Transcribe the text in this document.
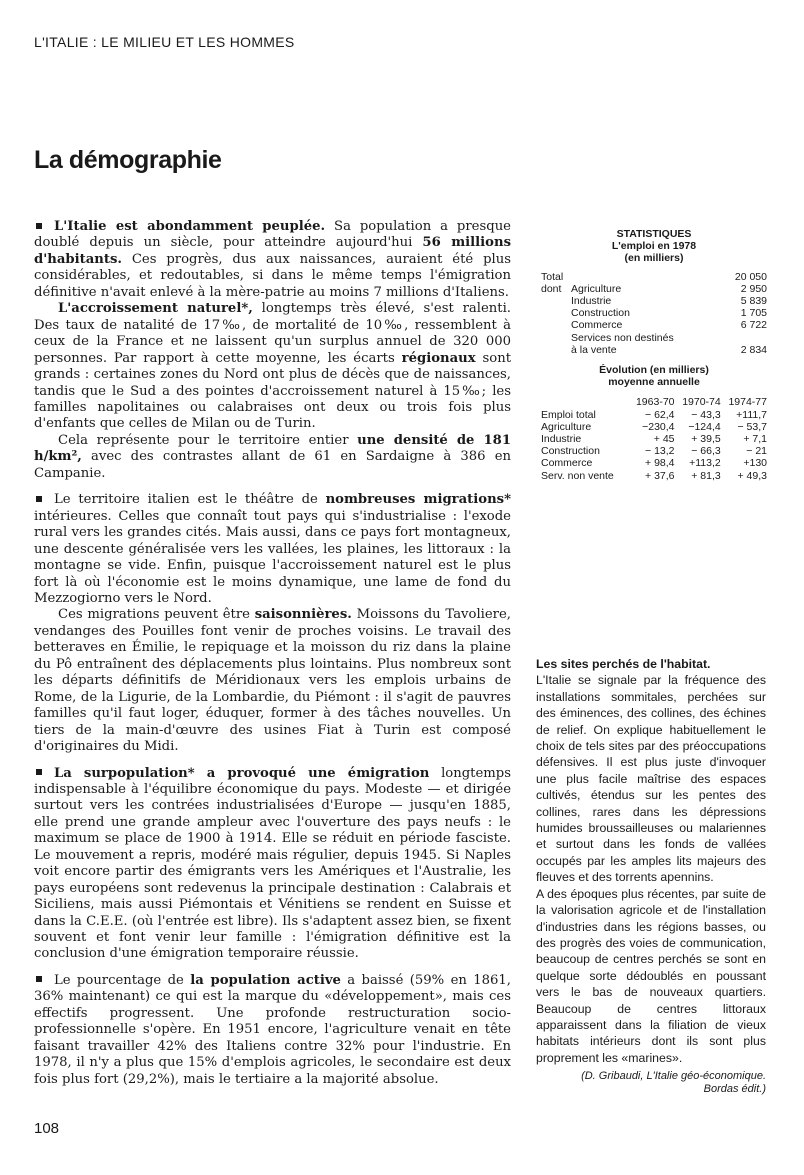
L'ITALIE : LE MILIEU ET LES HOMMES
La démographie

L'Italie est abondamment peuplée. Sa population a presque doublé depuis un siècle, pour atteindre aujourd'hui 56 millions d'habitants. Ces progrès, dus aux naissances, auraient été plus considérables, et redoutables, si dans le même temps l'émigration définitive n'avait enlevé à la mère-patrie au moins 7 millions d'Italiens.

L'accroissement naturel*, longtemps très élevé, s'est ralenti. Des taux de natalité de 17‰, de mortalité de 10‰, ressemblent à ceux de la France et ne laissent qu'un surplus annuel de 320 000 personnes. Par rapport à cette moyenne, les écarts régionaux sont grands : certaines zones du Nord ont plus de décès que de naissances, tandis que le Sud a des pointes d'accroissement naturel à 15‰; les familles napolitaines ou calabraises ont deux ou trois fois plus d'enfants que celles de Milan ou de Turin.

Cela représente pour le territoire entier une densité de 181 h/km², avec des contrastes allant de 61 en Sardaigne à 386 en Campanie.

Le territoire italien est le théâtre de nombreuses migrations* intérieures. Celles que connaît tout pays qui s'industrialise : l'exode rural vers les grandes cités. Mais aussi, dans ce pays fort montagneux, une descente généralisée vers les vallées, les plaines, les littoraux : la montagne se vide. Enfin, puisque l'accroissement naturel est le plus fort là où l'économie est le moins dynamique, une lame de fond du Mezzogiorno vers le Nord.

Ces migrations peuvent être saisonnières. Moissons du Tavoliere, vendanges des Pouilles font venir de proches voisins. Le travail des betteraves en Émilie, le repiquage et la moisson du riz dans la plaine du Pô entraînent des déplacements plus lointains. Plus nombreux sont les départs définitifs de Méridionaux vers les emplois urbains de Rome, de la Ligurie, de la Lombardie, du Piémont : il s'agit de pauvres familles qu'il faut loger, éduquer, former à des tâches nouvelles. Un tiers de la main-d'œuvre des usines Fiat à Turin est composé d'originaires du Midi.

La surpopulation* a provoqué une émigration longtemps indispensable à l'équilibre économique du pays. Modeste — et dirigée surtout vers les contrées industrialisées d'Europe — jusqu'en 1885, elle prend une grande ampleur avec l'ouverture des pays neufs : le maximum se place de 1900 à 1914. Elle se réduit en période fasciste. Le mouvement a repris, modéré mais régulier, depuis 1945. Si Naples voit encore partir des émigrants vers les Amériques et l'Australie, les pays européens sont redevenus la principale destination : Calabrais et Siciliens, mais aussi Piémontais et Vénitiens se rendent en Suisse et dans la C.E.E. (où l'entrée est libre). Ils s'adaptent assez bien, se fixent souvent et font venir leur famille : l'émigration définitive est la conclusion d'une émigration temporaire réussie.

Le pourcentage de la population active a baissé (59% en 1861, 36% maintenant) ce qui est la marque du «développement», mais ces effectifs progressent. Une profonde restructuration socio-professionnelle s'opère. En 1951 encore, l'agriculture venait en tête faisant travailler 42% des Italiens contre 32% pour l'industrie. En 1978, il n'y a plus que 15% d'emplois agricoles, le secondaire est deux fois plus fort (29,2%), mais le tertiaire a la majorité absolue.

108
STATISTIQUES
L'emploi en 1978
(en milliers)
Total		20 050
dont	Agriculture	2 950
	Industrie	5 839
	Construction	1 705
	Commerce	6 722
	Services non destinés	
	à la vente	2 834
Évolution (en milliers)
moyenne annuelle
	1963-70	1970-74	1974-77
Emploi total	− 62,4	− 43,3	+111,7
Agriculture	−230,4	−124,4	− 53,7
Industrie	+ 45	+ 39,5	+ 7,1
Construction	− 13,2	− 66,3	− 21
Commerce	+ 98,4	+113,2	+130
Serv. non vente	+ 37,6	+ 81,3	+ 49,3

Les sites perchés de l'habitat.

L'Italie se signale par la fréquence des installations sommitales, perchées sur des éminences, des collines, des échines de relief. On explique habituellement le choix de tels sites par des préoccupations défensives. Il est plus juste d'invoquer une plus facile maîtrise des espaces cultivés, étendus sur les pentes des collines, rares dans les dépressions humides broussailleuses ou malariennes et surtout dans les fonds de vallées occupés par les amples lits majeurs des fleuves et des torrents apennins.

A des époques plus récentes, par suite de la valorisation agricole et de l'installation d'industries dans les régions basses, ou des progrès des voies de communication, beaucoup de centres perchés se sont en quelque sorte dédoublés en poussant vers le bas de nouveaux quartiers. Beaucoup de centres littoraux apparaissent dans la filiation de vieux habitats intérieurs dont ils sont plus proprement les «marines».

(D. Gribaudi, L'Italie géo-économique.
Bordas édit.)
